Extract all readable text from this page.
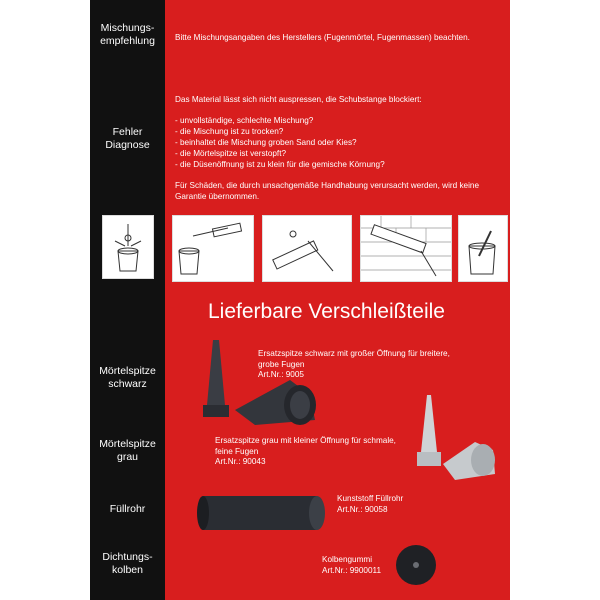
Mischungs-
empfehlung
Fehler
Diagnose
Mörtelspitze
schwarz
Mörtelspitze
grau
Füllrohr
Dichtungs-
kolben
Bitte Mischungsangaben des Herstellers (Fugenmörtel, Fugenmassen) beachten.
Das Material lässt sich nicht auspressen, die Schubstange blockiert:
- unvollständige, schlechte Mischung?
- die Mischung ist zu trocken?
- beinhaltet die Mischung groben Sand oder Kies?
- die Mörtelspitze ist verstopft?
- die Düsenöffnung ist zu klein für die gemische Körnung?
Für Schäden, die durch unsachgemäße Handhabung verursacht werden, wird keine
Garantie übernommen.
Lieferbare Verschleißteile
Ersatzspitze schwarz mit großer Öffnung für breitere,
grobe Fugen
Art.Nr.: 9005
Ersatzspitze grau mit kleiner Öffnung für schmale,
feine Fugen
Art.Nr.: 90043
Kunststoff Füllrohr
Art.Nr.: 90058
Kolbengummi
Art.Nr.: 9900011
